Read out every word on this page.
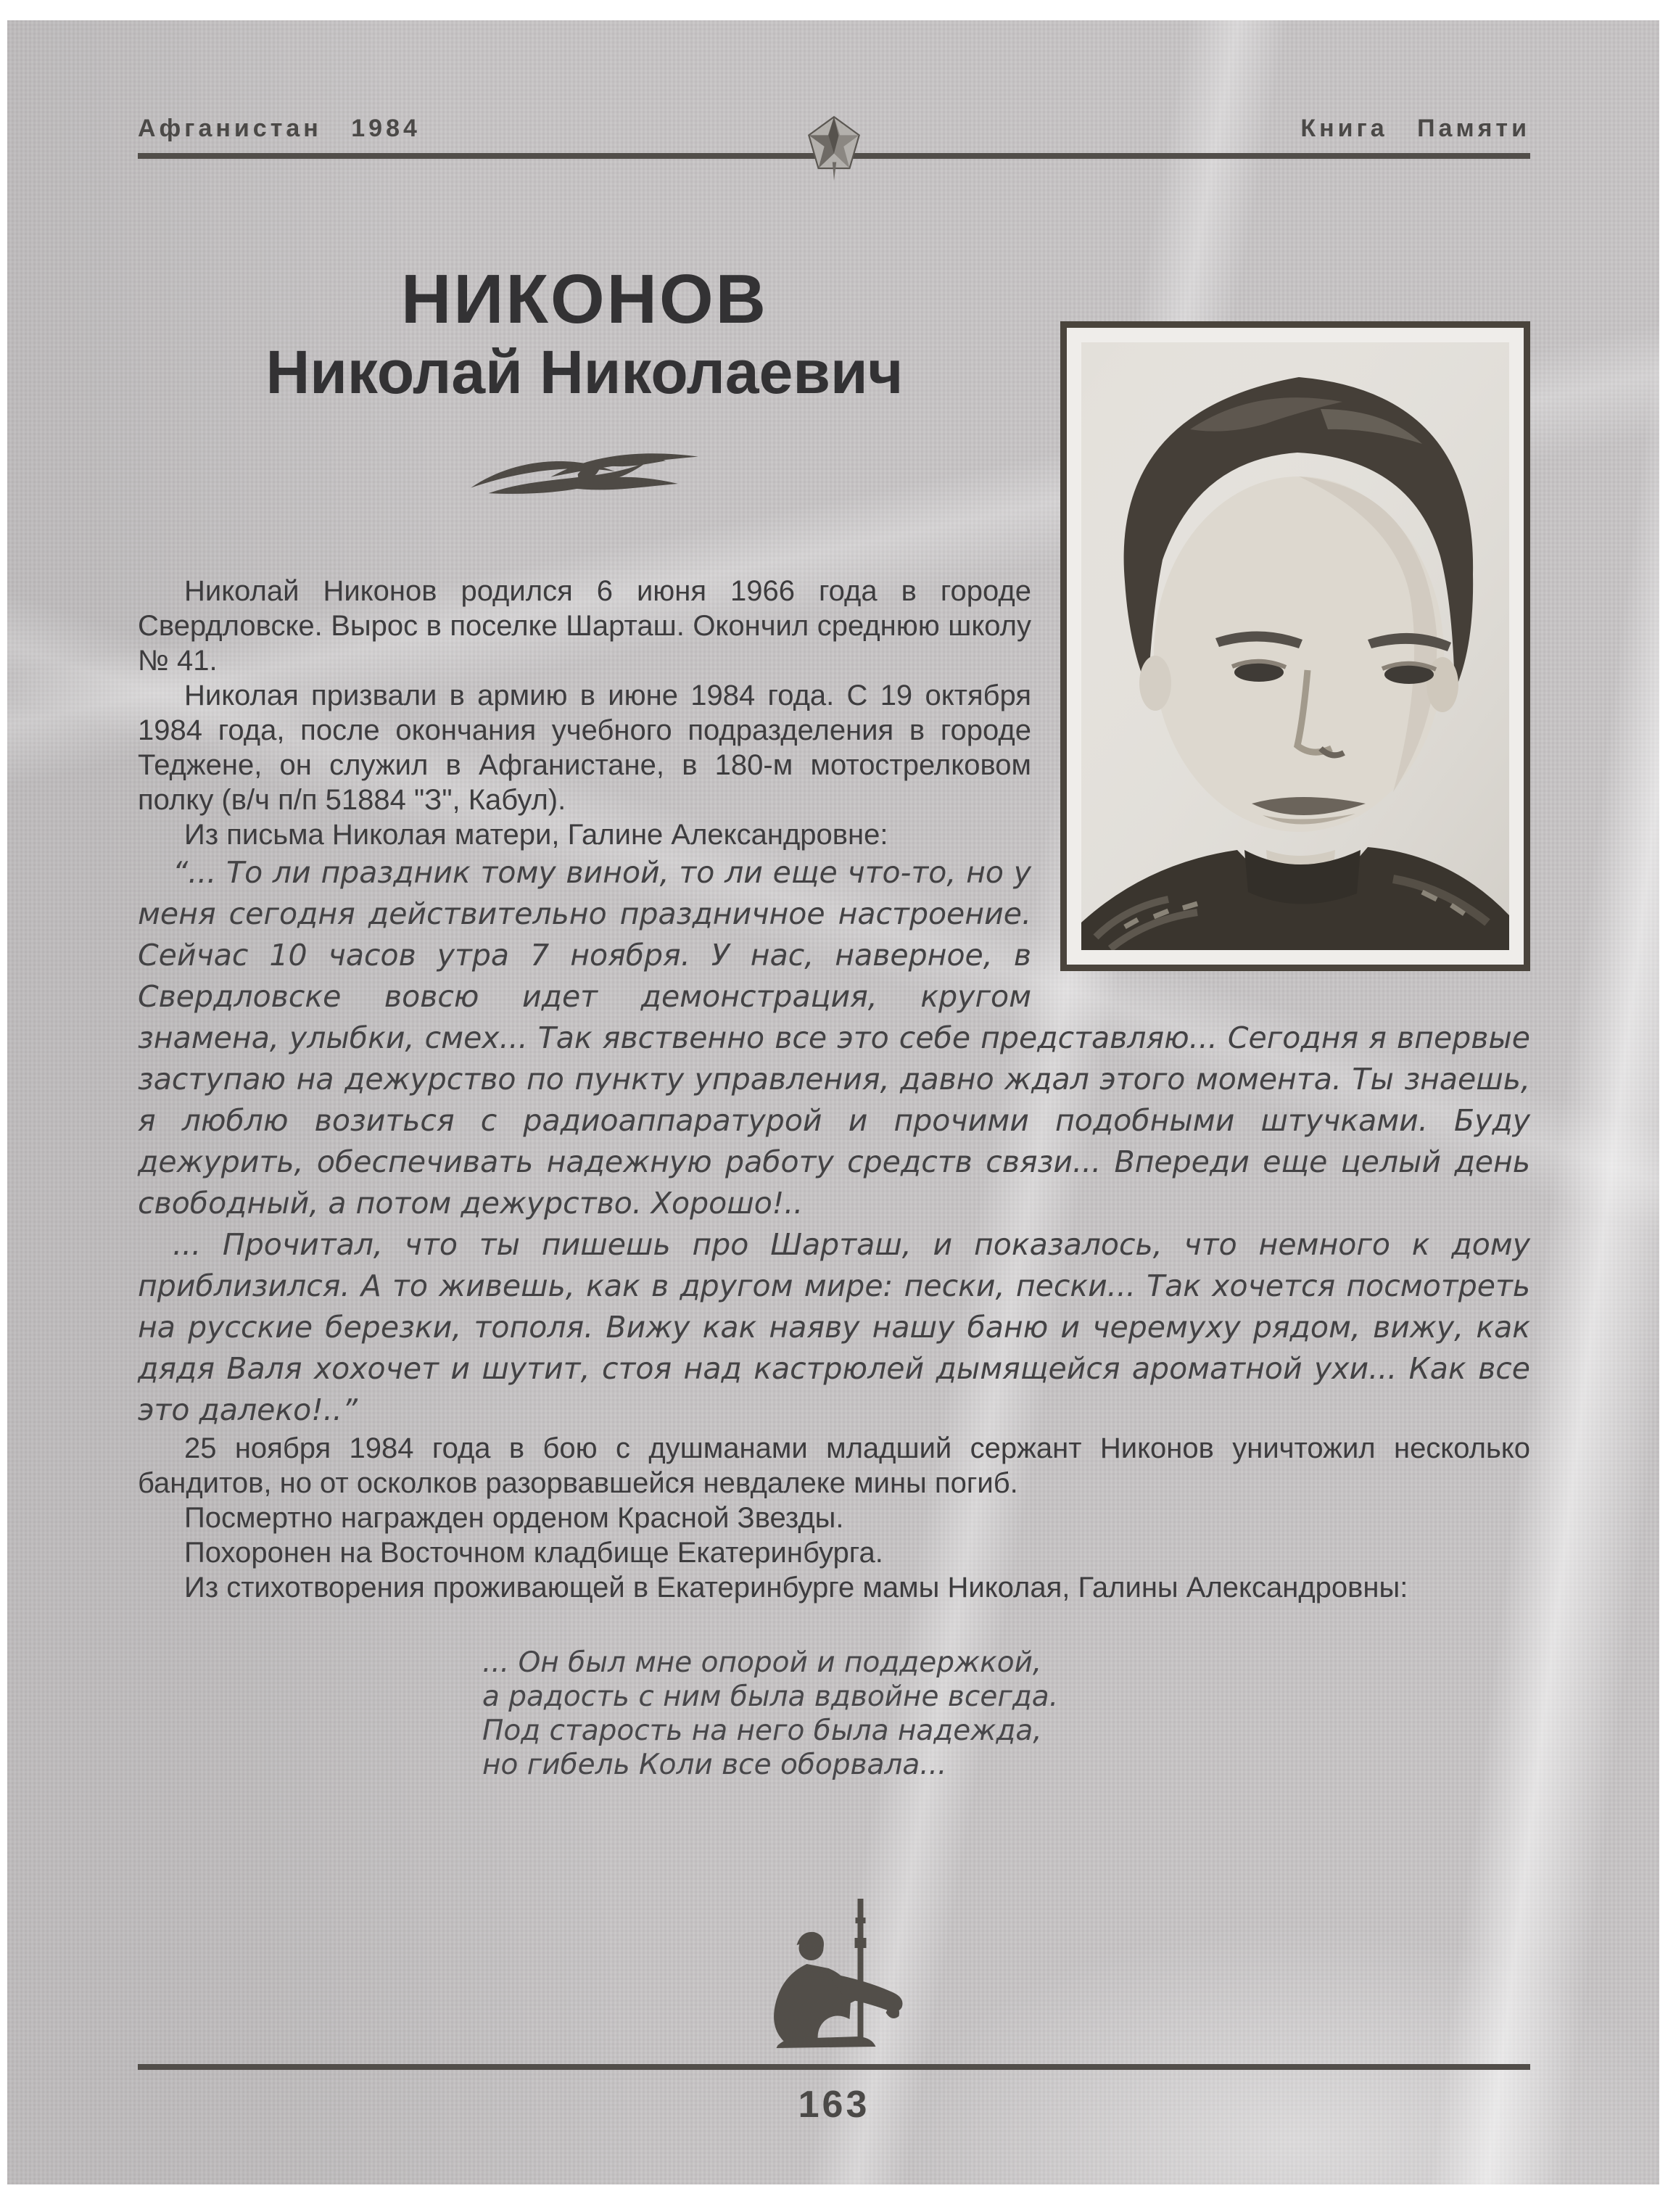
Афганистан 1984	Книга Памяти
НИКОНОВ
Николай Николаевич

Николай Никонов родился 6 июня 1966 года в городе Свердловске. Вырос в поселке Шарташ. Окончил среднюю школу № 41.

Николая призвали в армию в июне 1984 года. С 19 октября 1984 года, после окончания учебного подразделения в городе Теджене, он служил в Афганистане, в 180-м мотострелковом полку (в/ч п/п 51884 "З", Кабул).

Из письма Николая матери, Галине Александровне:

“... То ли праздник тому виной, то ли еще что-то, но у меня сегодня действительно праздничное настроение. Сейчас 10 часов утра 7 ноября. У нас, наверное, в Свердловске вовсю идет демонстрация, кругом знамена, улыбки, смех... Так явственно все это себе представляю... Сегодня я впервые заступаю на дежурство по пункту управления, давно ждал этого момента. Ты знаешь, я люблю возиться с радиоаппаратурой и прочими подобными штучками. Буду дежурить, обеспечивать надежную работу средств связи... Впереди еще целый день свободный, а потом дежурство. Хорошо!..

... Прочитал, что ты пишешь про Шарташ, и показалось, что немного к дому приблизился. А то живешь, как в другом мире: пески, пески... Так хочется посмотреть на русские березки, тополя. Вижу как наяву нашу баню и черемуху рядом, вижу, как дядя Валя хохочет и шутит, стоя над кастрюлей дымящейся ароматной ухи... Как все это далеко!..”

25 ноября 1984 года в бою с душманами младший сержант Никонов уничтожил несколько бандитов, но от осколков разорвавшейся невдалеке мины погиб.

Посмертно награжден орденом Красной Звезды.

Похоронен на Восточном кладбище Екатеринбурга.

Из стихотворения проживающей в Екатеринбурге мамы Николая, Галины Александровны:

... Он был мне опорой и поддержкой,
а радость с ним была вдвойне всегда.
Под старость на него была надежда,
но гибель Коли все оборвала...
163
